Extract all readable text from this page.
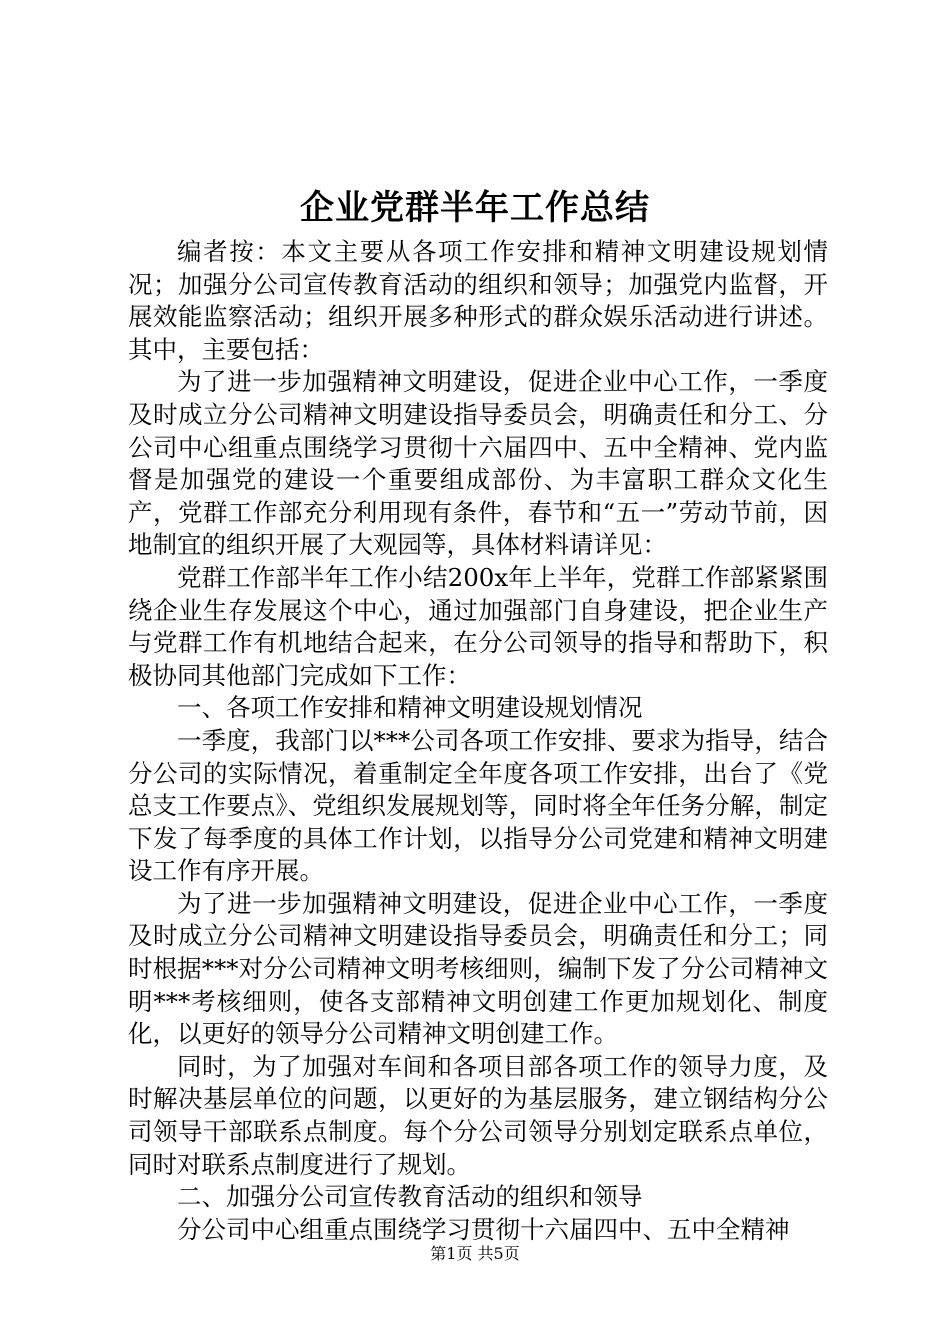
企业党群半年工作总结

编者按：本文主要从各项工作安排和精神文明建设规划情况；加强分公司宣传教育活动的组织和领导；加强党内监督，开展效能监察活动；组织开展多种形式的群众娱乐活动进行讲述。其中，主要包括：

为了进一步加强精神文明建设，促进企业中心工作，一季度及时成立分公司精神文明建设指导委员会，明确责任和分工、分公司中心组重点围绕学习贯彻十六届四中、五中全精神、党内监督是加强党的建设一个重要组成部份、为丰富职工群众文化生产，党群工作部充分利用现有条件，春节和“五一”劳动节前，因地制宜的组织开展了大观园等，具体材料请详见：

党群工作部半年工作小结200x年上半年，党群工作部紧紧围绕企业生存发展这个中心，通过加强部门自身建设，把企业生产与党群工作有机地结合起来，在分公司领导的指导和帮助下，积极协同其他部门完成如下工作：

一、各项工作安排和精神文明建设规划情况

一季度，我部门以***公司各项工作安排、要求为指导，结合分公司的实际情况，着重制定全年度各项工作安排，出台了《党总支工作要点》、党组织发展规划等，同时将全年任务分解，制定下发了每季度的具体工作计划，以指导分公司党建和精神文明建设工作有序开展。

为了进一步加强精神文明建设，促进企业中心工作，一季度及时成立分公司精神文明建设指导委员会，明确责任和分工；同时根据***对分公司精神文明考核细则，编制下发了分公司精神文明***考核细则，使各支部精神文明创建工作更加规划化、制度化，以更好的领导分公司精神文明创建工作。

同时，为了加强对车间和各项目部各项工作的领导力度，及时解决基层单位的问题，以更好的为基层服务，建立钢结构分公司领导干部联系点制度。每个分公司领导分别划定联系点单位，同时对联系点制度进行了规划。

二、加强分公司宣传教育活动的组织和领导

分公司中心组重点围绕学习贯彻十六届四中、五中全精神

第1页 共5页
